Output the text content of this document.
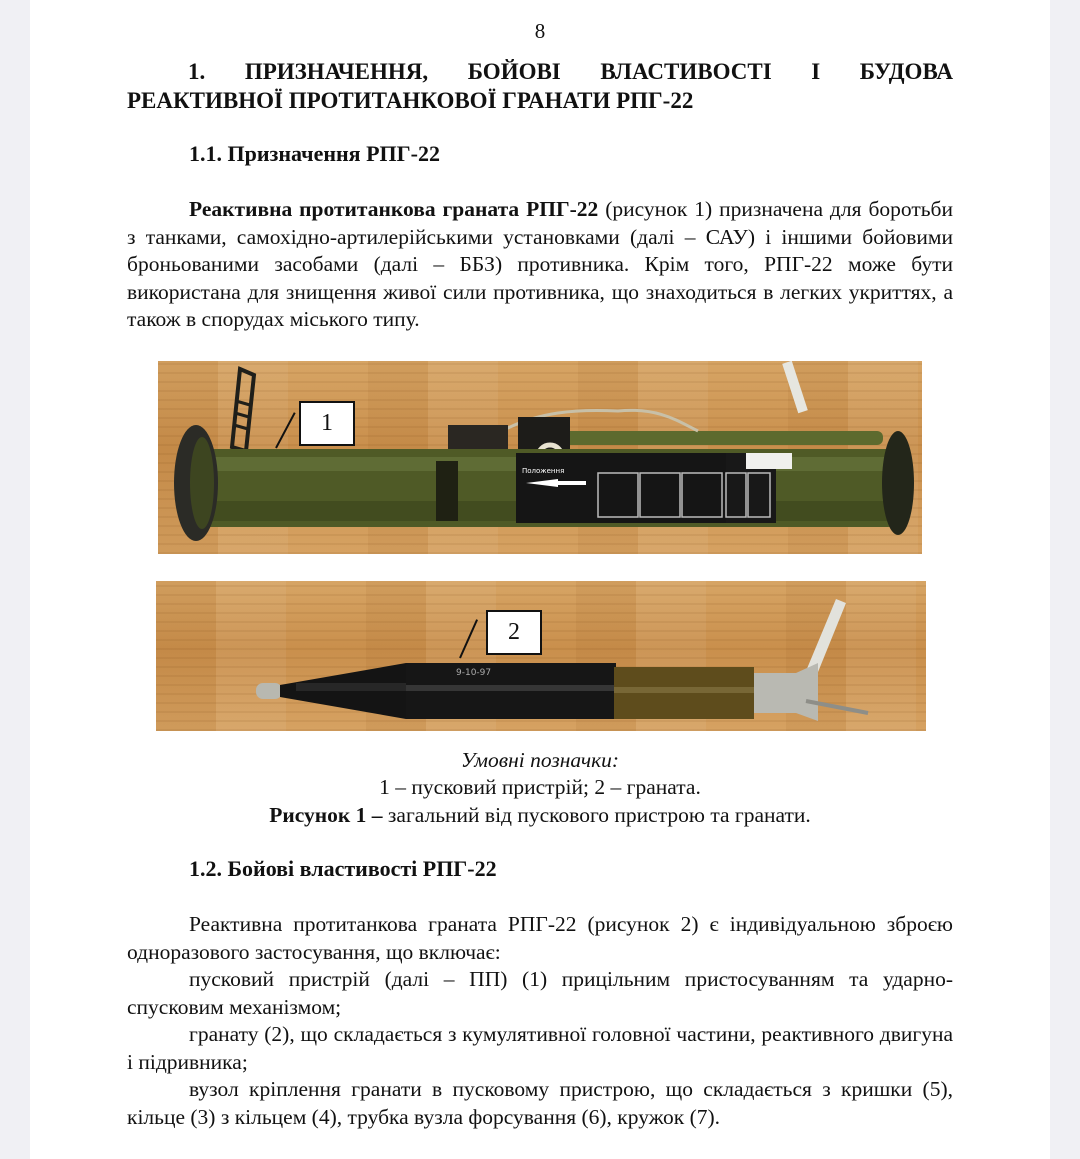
8
1. ПРИЗНАЧЕННЯ, БОЙОВІ ВЛАСТИВОСТІ І БУДОВА
РЕАКТИВНОЇ ПРОТИТАНКОВОЇ ГРАНАТИ РПГ-22
1.1. Призначення РПГ-22
Реактивна протитанкова граната РПГ-22 (рисунок 1) призначена для боротьби з танками, самохідно-артилерійськими установками (далі – САУ) і іншими бойовими броньованими засобами (далі – ББЗ) противника. Крім того, РПГ-22 може бути використана для знищення живої сили противника, що знаходиться в легких укриттях, а також в спорудах міського типу.
Положення
1
9-10-97
2
Умовні позначки:
1 – пусковий пристрій; 2 – граната.
Рисунок 1 – загальний від пускового пристрою та гранати.
1.2. Бойові властивості РПГ-22
Реактивна протитанкова граната РПГ-22 (рисунок 2) є індивідуальною зброєю одноразового застосування, що включає:
пусковий пристрій (далі – ПП) (1) прицільним пристосуванням та ударно-спусковим механізмом;
гранату (2), що складається з кумулятивної головної частини, реактивного двигуна і підривника;
вузол кріплення гранати в пусковому пристрою, що складається з кришки (5), кільце (3) з кільцем (4), трубка вузла форсування (6), кружок (7).
